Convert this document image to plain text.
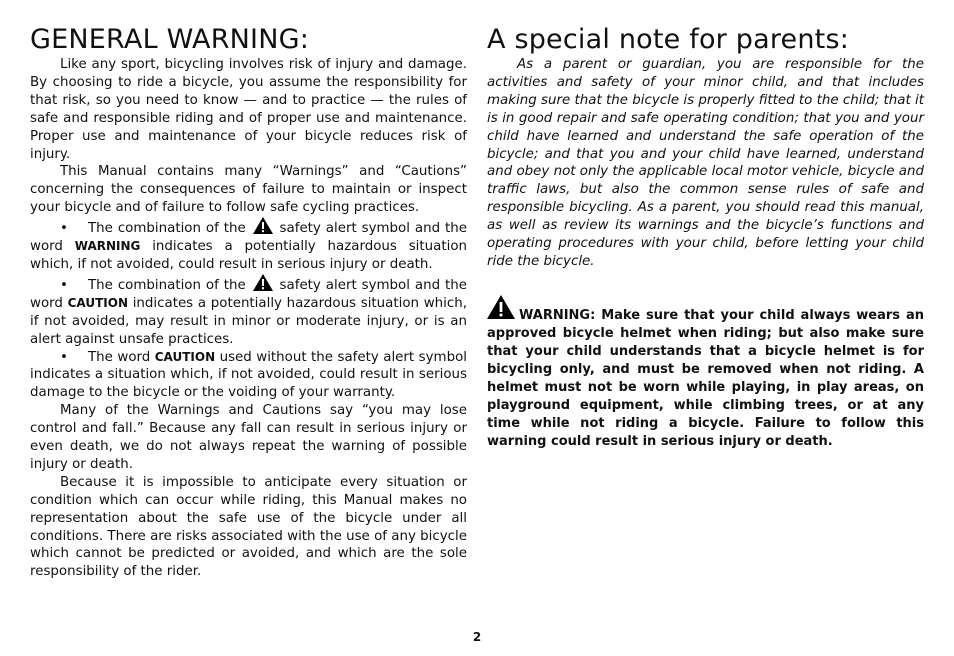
GENERAL WARNING:

Like any sport, bicycling involves risk of injury and damage. By choosing to ride a bicycle, you assume the responsibility for that risk, so you need to know — and to practice — the rules of safe and responsible riding and of proper use and maintenance. Proper use and maintenance of your bicycle reduces risk of injury.

This Manual contains many “Warnings” and “Cautions” concerning the consequences of failure to maintain or inspect your bicycle and of failure to follow safe cycling practices.

• The combination of the	safety alert symbol and the word WARNING indicates a potentially hazardous situation which, if not avoided, could result in serious injury or death.

• The combination of the	safety alert symbol and the word CAUTION indicates a potentially hazardous situation which, if not avoided, may result in minor or moderate injury, or is an alert against unsafe practices.

• The word CAUTION used without the safety alert symbol indicates a situation which, if not avoided, could result in serious damage to the bicycle or the voiding of your warranty.

Many of the Warnings and Cautions say “you may lose control and fall.” Because any fall can result in serious injury or even death, we do not always repeat the warning of possible injury or death.

Because it is impossible to anticipate every situation or condition which can occur while riding, this Manual makes no representation about the safe use of the bicycle under all conditions. There are risks associated with the use of any bicycle which cannot be predicted or avoided, and which are the sole responsibility of the rider.

A special note for parents:

As a parent or guardian, you are responsible for the activities and safety of your minor child, and that includes making sure that the bicycle is properly fitted to the child; that it is in good repair and safe operating condition; that you and your child have learned and understand the safe operation of the bicycle; and that you and your child have learned, understand and obey not only the applicable local motor vehicle, bicycle and traffic laws, but also the common sense rules of safe and responsible bicycling. As a parent, you should read this manual, as well as review its warnings and the bicycle’s functions and operating procedures with your child, before letting your child ride the bicycle.

WARNING: Make sure that your child always wears an approved bicycle helmet when riding; but also make sure that your child understands that a bicycle helmet is for bicycling only, and must be removed when not riding. A helmet must not be worn while playing, in play areas, on playground equipment, while climbing trees, or at any time while not riding a bicycle. Failure to follow this warning could result in serious injury or death.

2
